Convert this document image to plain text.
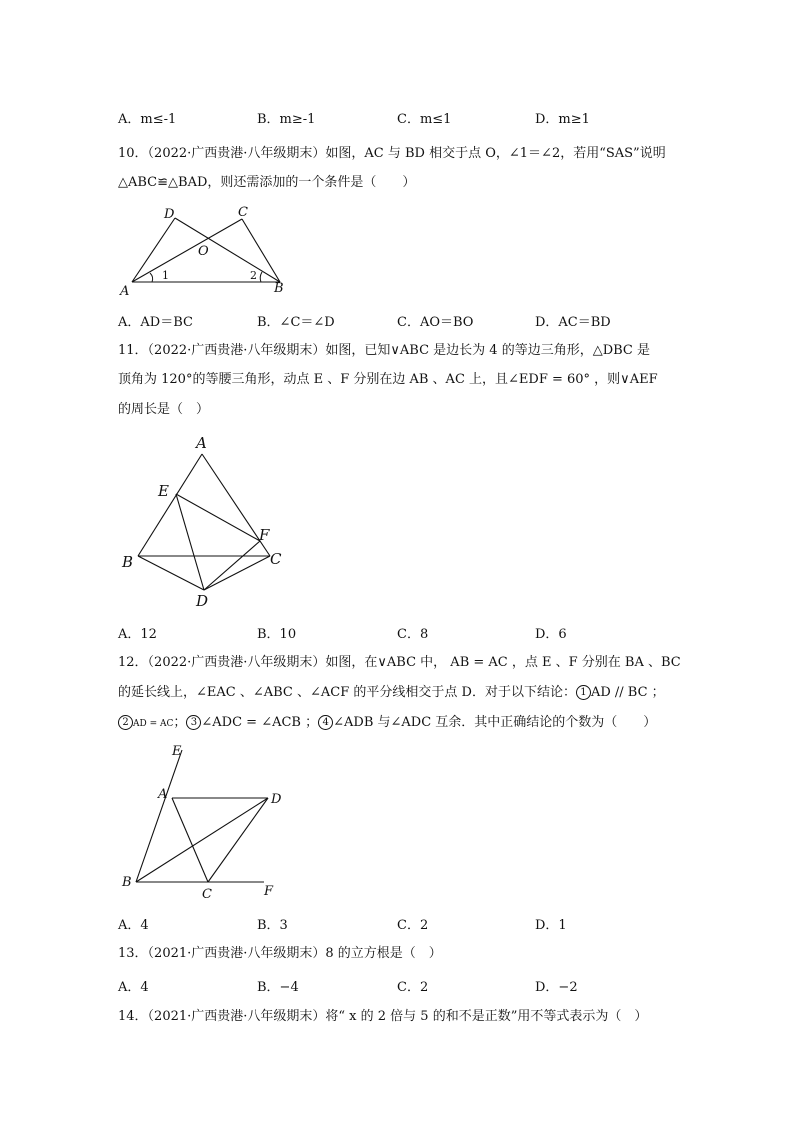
A．m≤-1	B．m≥-1	C．m≤1	D．m≥1
10．（2022·广西贵港·八年级期末）如图，AC 与 BD 相交于点 O，∠1＝∠2，若用“SAS”说明
△ABC≌△BAD，则还需添加的一个条件是（　　）
D	C
O
A	B
1	2
A．AD＝BC	B．∠C＝∠D	C．AO＝BO	D．AC＝BD
11．（2022·广西贵港·八年级期末）如图，已知∨ABC 是边长为 4 的等边三角形，△DBC 是
顶角为 120°的等腰三角形，动点 E 、F 分别在边 AB 、AC 上，且∠EDF = 60° ，则∨AEF
的周长是（　）
A
E
F
B	C
D
A．12	B．10	C．8	D．6
12．（2022·广西贵港·八年级期末）如图，在∨ABC 中， AB = AC ，点 E 、F 分别在 BA 、BC
的延长线上，∠EAC 、∠ABC 、∠ACF 的平分线相交于点 D．对于以下结论： 1 AD // BC ；
2 AD = AC； 3 ∠ADC = ∠ACB ； 4 ∠ADB 与∠ADC 互余．其中正确结论的个数为（　　）
E
A	D
B
C	F
A．4	B．3	C．2	D．1
13．（2021·广西贵港·八年级期末）8 的立方根是（　）
A．4	B．−4	C．2	D．−2
14．（2021·广西贵港·八年级期末）将“ x 的 2 倍与 5 的和不是正数”用不等式表示为（　）
